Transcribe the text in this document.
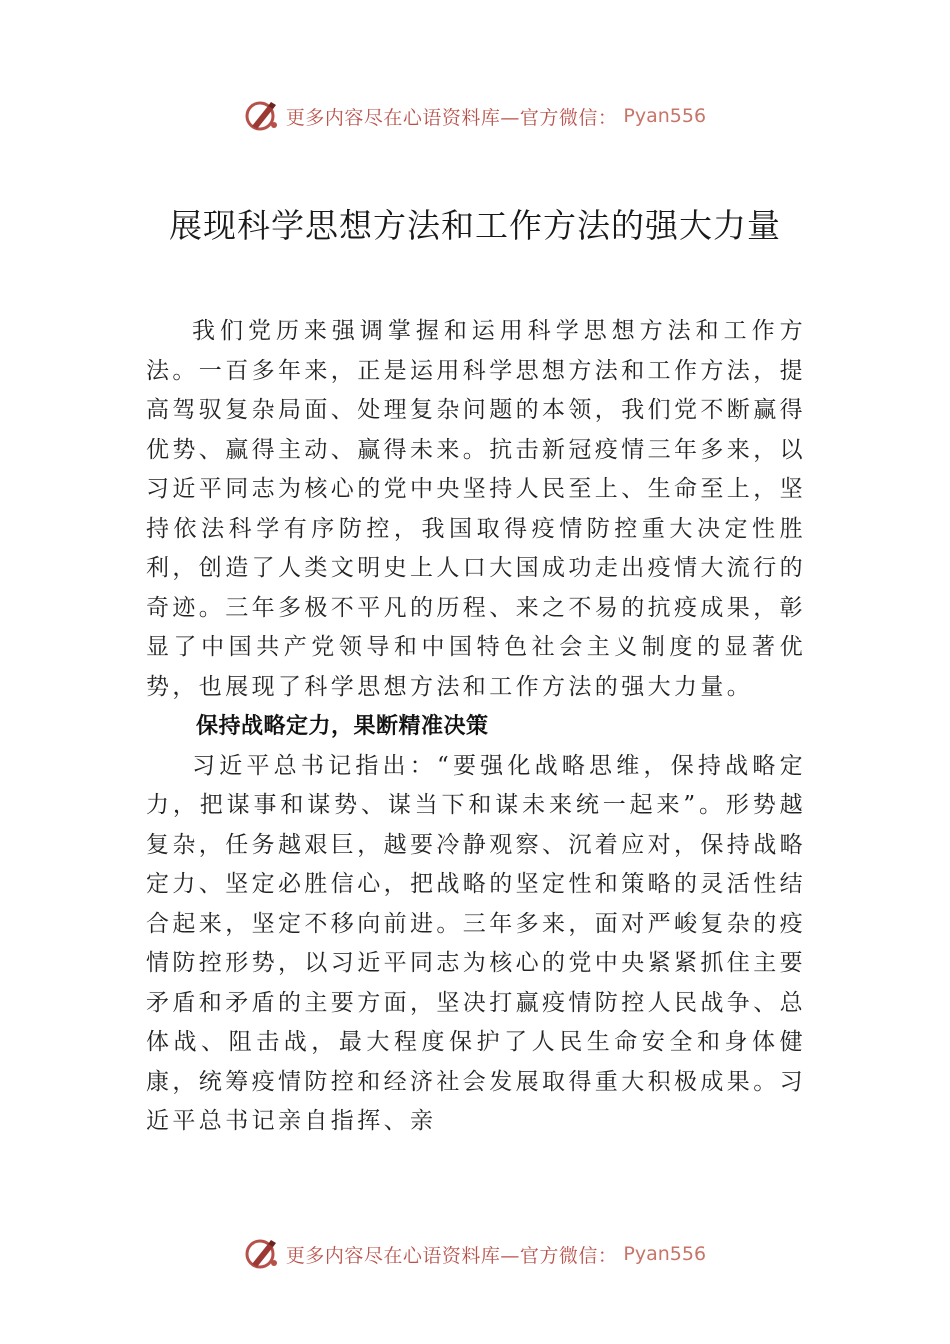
更多内容尽在心语资料库—官方微信： Pyan556
展现科学思想方法和工作方法的强大力量

我们党历来强调掌握和运用科学思想方法和工作方法。一百多年来，正是运用科学思想方法和工作方法，提高驾驭复杂局面、处理复杂问题的本领，我们党不断赢得优势、赢得主动、赢得未来。抗击新冠疫情三年多来，以习近平同志为核心的党中央坚持人民至上、生命至上，坚持依法科学有序防控，我国取得疫情防控重大决定性胜利，创造了人类文明史上人口大国成功走出疫情大流行的奇迹。三年多极不平凡的历程、来之不易的抗疫成果，彰显了中国共产党领导和中国特色社会主义制度的显著优势，也展现了科学思想方法和工作方法的强大力量。

保持战略定力，果断精准决策

习近平总书记指出：“要强化战略思维，保持战略定力，把谋事和谋势、谋当下和谋未来统一起来”。形势越复杂，任务越艰巨，越要冷静观察、沉着应对，保持战略定力、坚定必胜信心，把战略的坚定性和策略的灵活性结合起来，坚定不移向前进。三年多来，面对严峻复杂的疫情防控形势，以习近平同志为核心的党中央紧紧抓住主要矛盾和矛盾的主要方面，坚决打赢疫情防控人民战争、总体战、阻击战，最大程度保护了人民生命安全和身体健康，统筹疫情防控和经济社会发展取得重大积极成果。习近平总书记亲自指挥、亲

更多内容尽在心语资料库—官方微信： Pyan556
